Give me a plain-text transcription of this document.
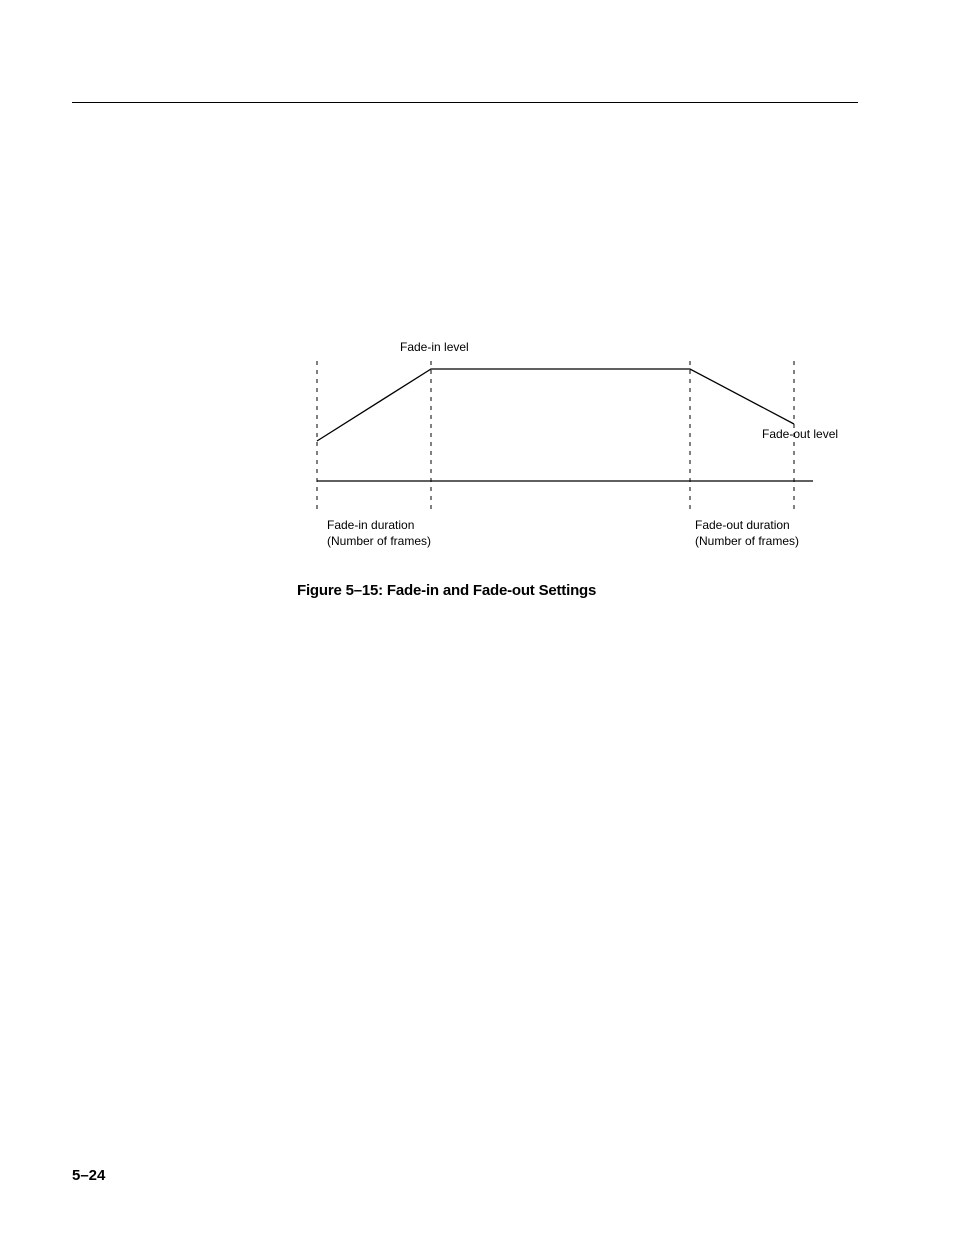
Fade-in level
Fade-out level
Fade-in duration
(Number of frames)
Fade-out duration
(Number of frames)
Figure 5–15: Fade-in and Fade-out Settings
5–24
